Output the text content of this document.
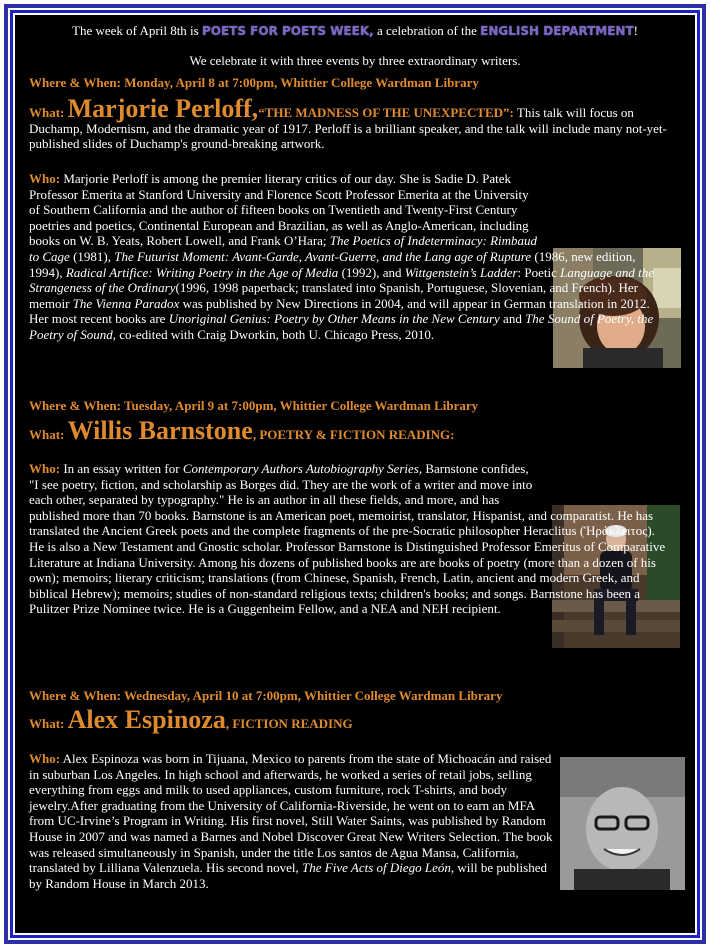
The week of April 8th is POETS FOR POETS WEEK, a celebration of the ENGLISH DEPARTMENT!
We celebrate it with three events by three extraordinary writers.
Where & When: Monday, April 8 at 7:00pm, Whittier College Wardman Library
What: Marjorie Perloff,“THE MADNESS OF THE UNEXPECTED”: This talk will focus on Duchamp, Modernism, and the dramatic year of 1917. Perloff is a brilliant speaker, and the talk will include many not-yet-published slides of Duchamp's ground-breaking artwork.
Who: Marjorie Perloff is among the premier literary critics of our day. She is Sadie D. Patek Professor Emerita at Stanford University and Florence Scott Professor Emerita at the University of Southern California and the author of fifteen books on Twentieth and Twenty-First Century poetries and poetics, Continental European and Brazilian, as well as Anglo-American, including books on W. B. Yeats, Robert Lowell, and Frank O’Hara; The Poetics of Indeterminacy: Rimbaud to Cage (1981), The Futurist Moment: Avant-Garde, Avant-Guerre, and the Lang age of Rupture (1986, new edition, 1994), Radical Artifice: Writing Poetry in the Age of Media (1992), and Wittgenstein’s Ladder: Poetic Language and the Strangeness of the Ordinary(1996, 1998 paperback; translated into Spanish, Portuguese, Slovenian, and French). Her memoir The Vienna Paradox was published by New Directions in 2004, and will appear in German translation in 2012. Her most recent books are Unoriginal Genius: Poetry by Other Means in the New Century and The Sound of Poetry, the Poetry of Sound, co-edited with Craig Dworkin, both U. Chicago Press, 2010.
Where & When: Tuesday, April 9 at 7:00pm, Whittier College Wardman Library
What: Willis Barnstone, POETRY & FICTION READING:
Who: In an essay written for Contemporary Authors Autobiography Series, Barnstone confides, "I see poetry, fiction, and scholarship as Borges did. They are the work of a writer and move into each other, separated by typography." He is an author in all these fields, and more, and has published more than 70 books. Barnstone is an American poet, memoirist, translator, Hispanist, and comparatist. He has translated the Ancient Greek poets and the complete fragments of the pre-Socratic philosopher Heraclitus (Ἡράκλειτος). He is also a New Testament and Gnostic scholar. Professor Barnstone is Distinguished Professor Emeritus of Comparative Literature at Indiana University. Among his dozens of published books are are books of poetry (more than a dozen of his own); memoirs; literary criticism; translations (from Chinese, Spanish, French, Latin, ancient and modern Greek, and biblical Hebrew); memoirs; studies of non-standard religious texts; children's books; and songs. Barnstone has been a Pulitzer Prize Nominee twice. He is a Guggenheim Fellow, and a NEA and NEH recipient.
Where & When: Wednesday, April 10 at 7:00pm, Whittier College Wardman Library
What: Alex Espinoza, FICTION READING
Who: Alex Espinoza was born in Tijuana, Mexico to parents from the state of Michoacán and raised in suburban Los Angeles. In high school and afterwards, he worked a series of retail jobs, selling everything from eggs and milk to used appliances, custom furniture, rock T-shirts, and body jewelry.After graduating from the University of California-Riverside, he went on to earn an MFA from UC-Irvine’s Program in Writing. His first novel, Still Water Saints, was published by Random House in 2007 and was named a Barnes and Nobel Discover Great New Writers Selection. The book was released simultaneously in Spanish, under the title Los santos de Agua Mansa, California, translated by Lilliana Valenzuela. His second novel, The Five Acts of Diego León, will be published by Random House in March 2013.
